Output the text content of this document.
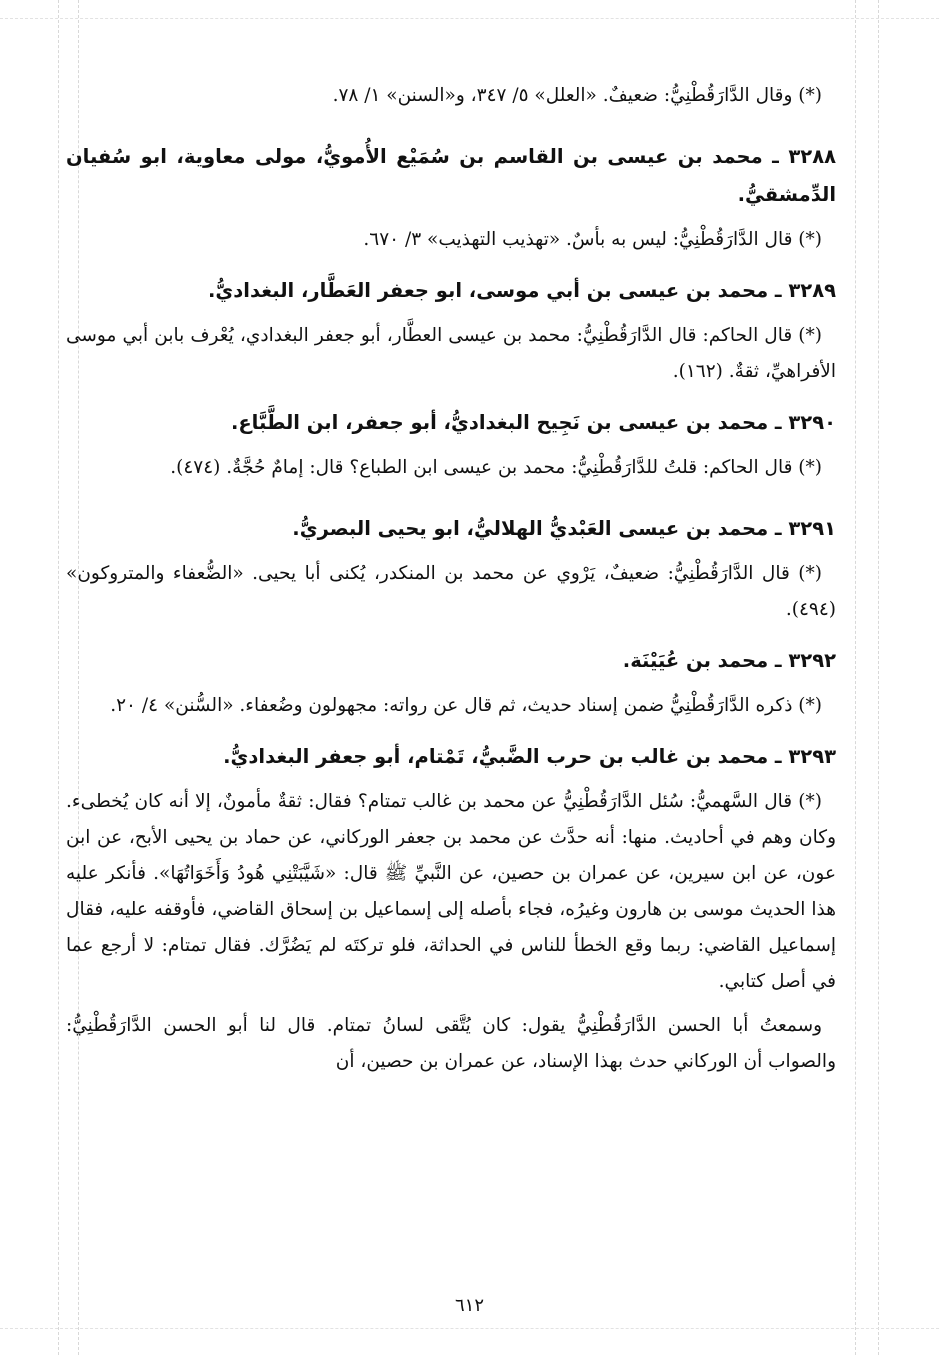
(*) وقال الدَّارَقُطْنِيُّ: ضعيفٌ. «العلل» ٥/ ٣٤٧، و«السنن» ١/ ٧٨.

٣٢٨٨ ـ محمد بن عيسى بن القاسم بن سُمَيْع الأُمويُّ، مولى معاوية، ابو سُفيان الدِّمشقيُّ.

(*) قال الدَّارَقُطْنِيُّ: ليس به بأسٌ. «تهذيب التهذيب» ٣/ ٦٧٠.

٣٢٨٩ ـ محمد بن عيسى بن أبي موسى، ابو جعفر العَطَّار، البغداديُّ.

(*) قال الحاكم: قال الدَّارَقُطْنِيُّ: محمد بن عيسى العطَّار، أبو جعفر البغدادي، يُعْرف بابن أبي موسى الأفراهيِّ، ثقةٌ. (١٦٢).

٣٢٩٠ ـ محمد بن عيسى بن نَجِيح البغداديُّ، أبو جعفر، ابن الطَّبَّاع.

(*) قال الحاكم: قلتُ للدَّارَقُطْنِيُّ: محمد بن عيسى ابن الطباع؟ قال: إمامٌ حُجَّةٌ. (٤٧٤).

٣٢٩١ ـ محمد بن عيسى العَبْديُّ الهلاليُّ، ابو يحيى البصريُّ.

(*) قال الدَّارَقُطْنِيُّ: ضعيفٌ، يَرْوي عن محمد بن المنكدر، يُكنى أبا يحيى. «الضُّعفاء والمتروكون» (٤٩٤).

٣٢٩٢ ـ محمد بن عُيَيْنَة.

(*) ذكره الدَّارَقُطْنِيُّ ضمن إسناد حديث، ثم قال عن رواته: مجهولون وضُعفاء. «السُّنن» ٤/ ٢٠.

٣٢٩٣ ـ محمد بن غالب بن حرب الضَّبيُّ، تَمْتام، أبو جعفر البغداديُّ.

(*) قال السَّهميُّ: سُئل الدَّارَقُطْنِيُّ عن محمد بن غالب تمتام؟ فقال: ثقةٌ مأمونٌ، إلا أنه كان يُخطىء. وكان وهم في أحاديث. منها: أنه حدَّث عن محمد بن جعفر الوركاني، عن حماد بن يحيى الأبح، عن ابن عون، عن ابن سيرين، عن عمران بن حصين، عن النَّبيِّ ﷺ قال: «شَيَّبَتْنِي هُودُ وَأَخَوَاتُهَا». فأنكر عليه هذا الحديث موسى بن هارون وغيرُه، فجاء بأصله إلى إسماعيل بن إسحاق القاضي، فأوقفه عليه، فقال إسماعيل القاضي: ربما وقع الخطأ للناس في الحداثة، فلو تركتَه لم يَضُرَّك. فقال تمتام: لا أرجع عما في أصل كتابي.

وسمعتُ أبا الحسن الدَّارَقُطْنِيُّ يقول: كان يُتَّقى لسانُ تمتام. قال لنا أبو الحسن الدَّارَقُطْنِيُّ: والصواب أن الوركاني حدث بهذا الإسناد، عن عمران بن حصين، أن

٦١٢
